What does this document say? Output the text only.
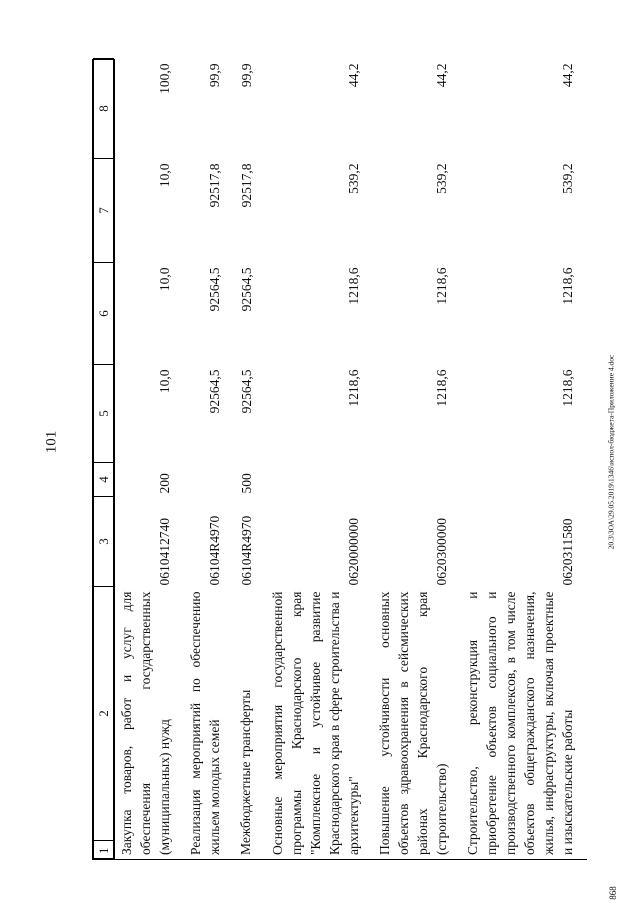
101	20.3\ЗОА\29.05.2019\1346\испол-бюджета-Приложение 4.doc
868
1	2	3	4	5	6	7	8

Закупка товаров, работ и услуг для обеспечения государственных (муниципальных) нужд	0610412740	200	10,0	10,0	10,0	100,0
Реализация мероприятий по обеспечению жильем молодых семей	06104R4970		92564,5	92564,5	92517,8	99,9
Межбюджетные трансферты	06104R4970	500	92564,5	92564,5	92517,8	99,9
Основные мероприятия государственной программы Краснодарского края "Комплексное и устойчивое развитие Краснодарского края в сфере строительства и архитектуры"	0620000000		1218,6	1218,6	539,2	44,2
Повышение устойчивости основных объектов здравоохранения в сейсмических районах Краснодарского края (строительство)	0620300000		1218,6	1218,6	539,2	44,2
Строительство, реконструкция и приобретение объектов социального и производственного комплексов, в том числе объектов общегражданского назначения, жилья, инфраструктуры, включая проектные и изыскательские работы	0620311580		1218,6	1218,6	539,2	44,2
